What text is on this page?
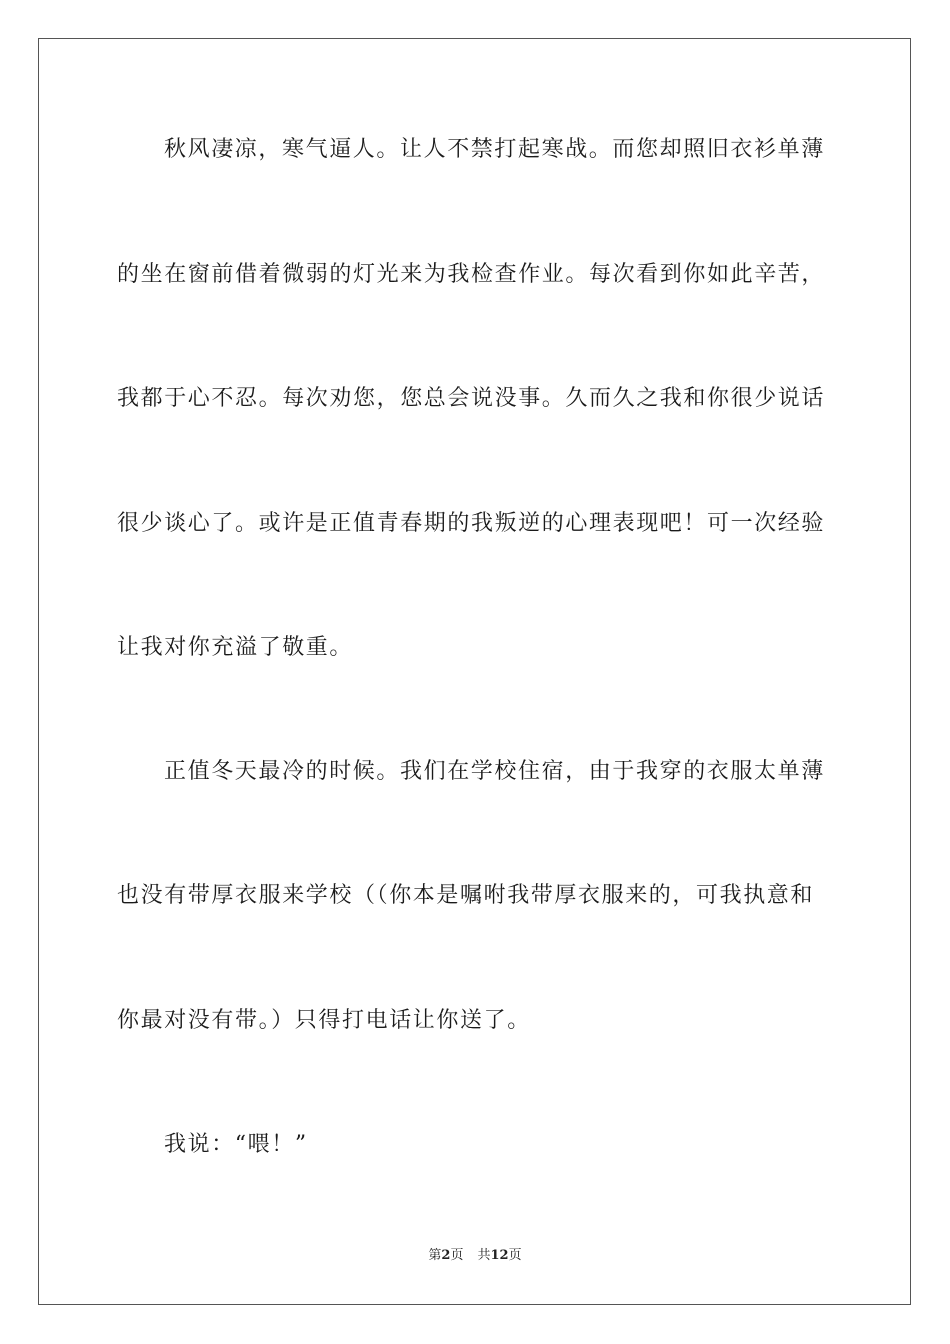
秋风凄凉，寒气逼人。让人不禁打起寒战。而您却照旧衣衫单薄
的坐在窗前借着微弱的灯光来为我检查作业。每次看到你如此辛苦，
我都于心不忍。每次劝您，您总会说没事。久而久之我和你很少说话
很少谈心了。或许是正值青春期的我叛逆的心理表现吧！可一次经验
让我对你充溢了敬重。
正值冬天最冷的时候。我们在学校住宿，由于我穿的衣服太单薄
也没有带厚衣服来学校（（你本是嘱咐我带厚衣服来的，可我执意和
你最对没有带。）只得打电话让你送了。
我说：“喂！”
第2页 共12页
